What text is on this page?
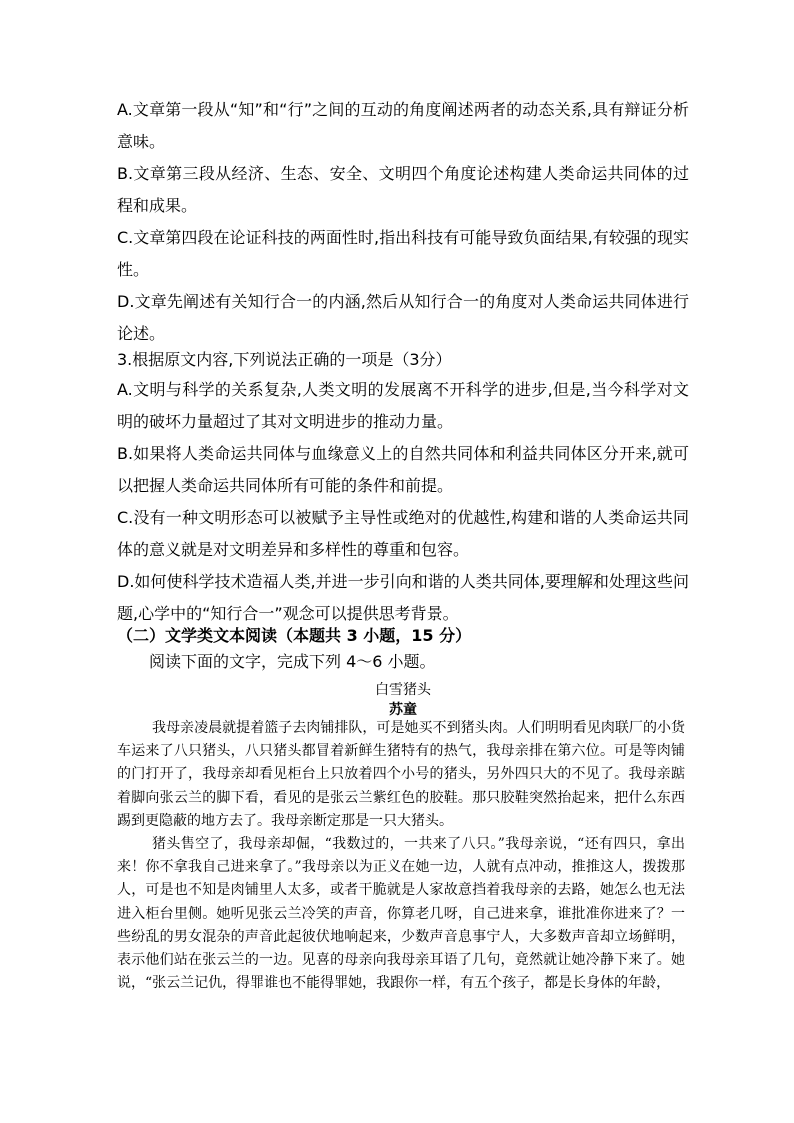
A.文章第一段从“知”和“行”之间的互动的角度阐述两者的动态关系,具有辩证分析意味。
B.文章第三段从经济、生态、安全、文明四个角度论述构建人类命运共同体的过程和成果。
C.文章第四段在论证科技的两面性时,指出科技有可能导致负面结果,有较强的现实性。
D.文章先阐述有关知行合一的内涵,然后从知行合一的角度对人类命运共同体进行论述。
3.根据原文内容,下列说法正确的一项是（3分）
A.文明与科学的关系复杂,人类文明的发展离不开科学的进步,但是,当今科学对文明的破坏力量超过了其对文明进步的推动力量。
B.如果将人类命运共同体与血缘意义上的自然共同体和利益共同体区分开来,就可以把握人类命运共同体所有可能的条件和前提。
C.没有一种文明形态可以被赋予主导性或绝对的优越性,构建和谐的人类命运共同体的意义就是对文明差异和多样性的尊重和包容。
D.如何使科学技术造福人类,并进一步引向和谐的人类共同体,要理解和处理这些问题,心学中的“知行合一”观念可以提供思考背景。
（二）文学类文本阅读（本题共 3 小题，15 分）
阅读下面的文字，完成下列 4～6 小题。
白雪猪头
苏童

我母亲凌晨就提着篮子去肉铺排队，可是她买不到猪头肉。人们明明看见肉联厂的小货车运来了八只猪头，八只猪头都冒着新鲜生猪特有的热气，我母亲排在第六位。可是等肉铺的门打开了，我母亲却看见柜台上只放着四个小号的猪头，另外四只大的不见了。我母亲踮着脚向张云兰的脚下看，看见的是张云兰紫红色的胶鞋。那只胶鞋突然抬起来，把什么东西踢到更隐蔽的地方去了。我母亲断定那是一只大猪头。

猪头售空了，我母亲却倔，“我数过的，一共来了八只。”我母亲说，“还有四只，拿出来！你不拿我自己进来拿了。”我母亲以为正义在她一边，人就有点冲动，推推这人，拨拨那人，可是也不知是肉铺里人太多，或者干脆就是人家故意挡着我母亲的去路，她怎么也无法进入柜台里侧。她听见张云兰冷笑的声音，你算老几呀，自己进来拿，谁批准你进来了？一些纷乱的男女混杂的声音此起彼伏地响起来，少数声音息事宁人，大多数声音却立场鲜明，表示他们站在张云兰的一边。见喜的母亲向我母亲耳语了几句，竟然就让她冷静下来了。她说，“张云兰记仇，得罪谁也不能得罪她，我跟你一样，有五个孩子，都是长身体的年龄，
